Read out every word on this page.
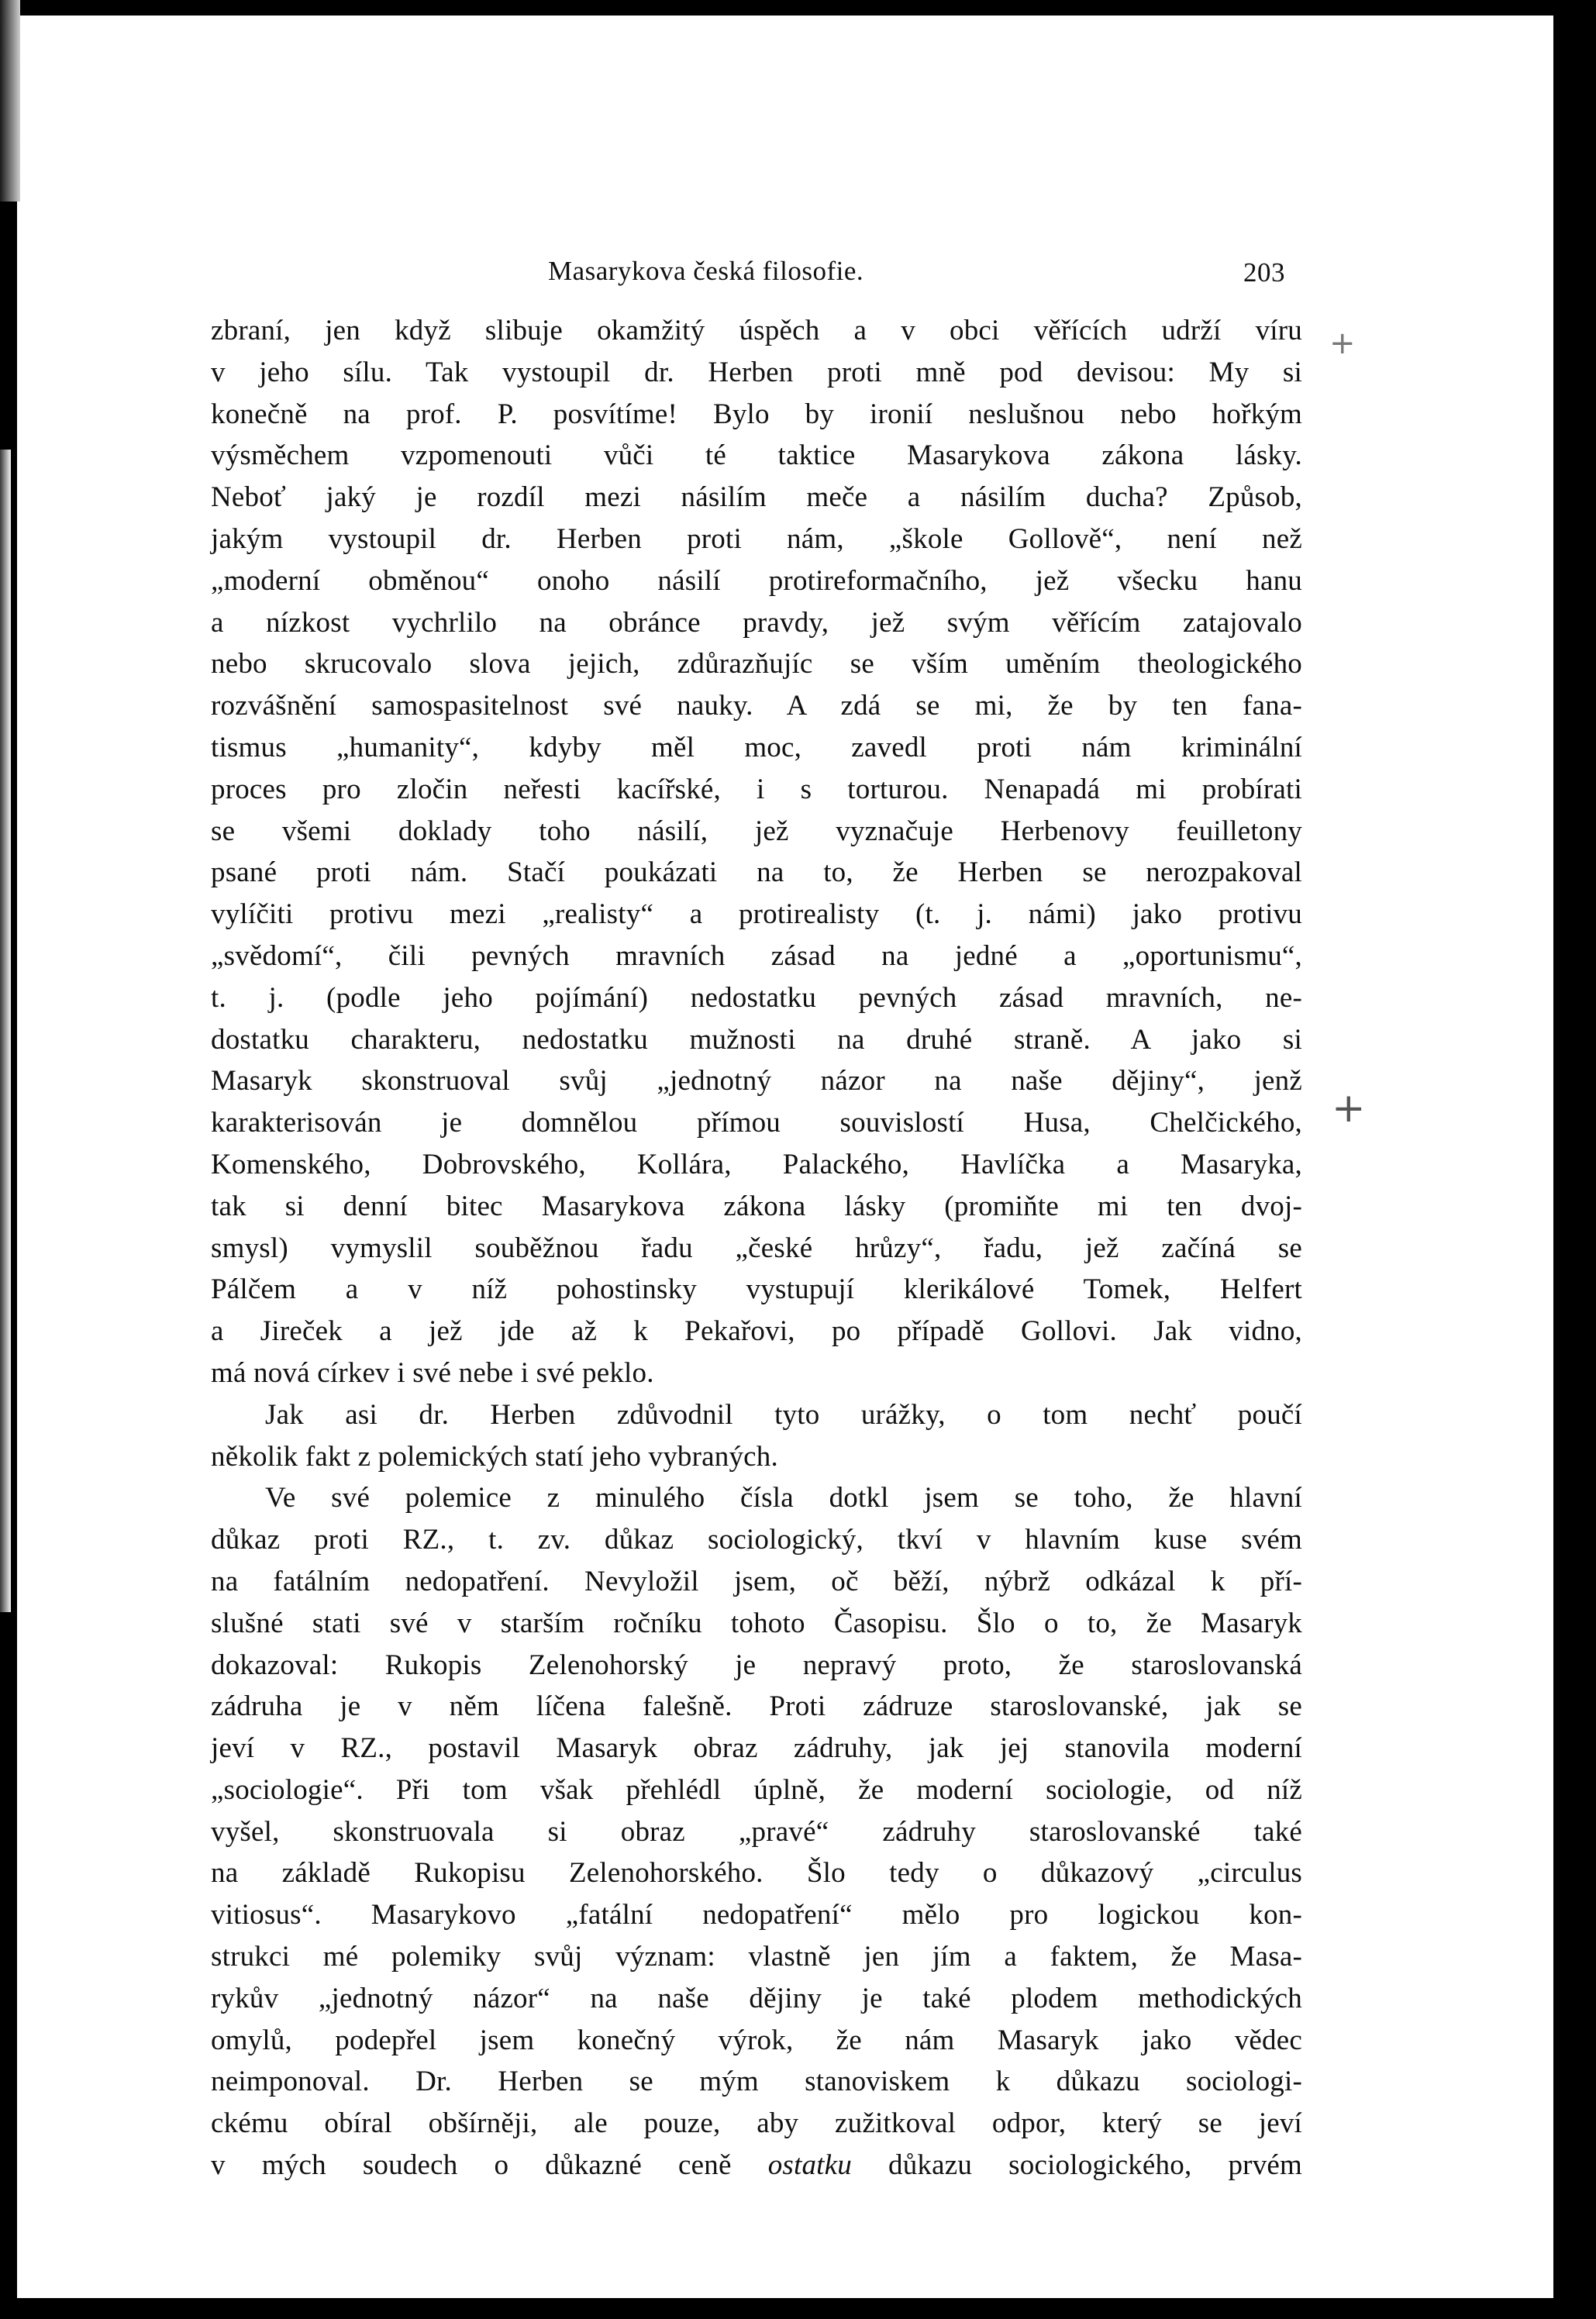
Masarykova česká filosofie.	203
zbraní, jen když slibuje okamžitý úspěch a v obci věřících udrží víru
v jeho sílu. Tak vystoupil dr. Herben proti mně pod devisou: My si
konečně na prof. P. posvítíme! Bylo by ironií neslušnou nebo hořkým
výsměchem vzpomenouti vůči té taktice Masarykova zákona lásky.
Neboť jaký je rozdíl mezi násilím meče a násilím ducha? Způsob,
jakým vystoupil dr. Herben proti nám, „škole Gollově“, není než
„moderní obměnou“ onoho násilí protireformačního, jež všecku hanu
a nízkost vychrlilo na obránce pravdy, jež svým věřícím zatajovalo
nebo skrucovalo slova jejich, zdůrazňujíc se vším uměním theologického
rozvášnění samospasitelnost své nauky. A zdá se mi, že by ten fana-
tismus „humanity“, kdyby měl moc, zavedl proti nám kriminální
proces pro zločin neřesti kacířské, i s torturou. Nenapadá mi probírati
se všemi doklady toho násilí, jež vyznačuje Herbenovy feuilletony
psané proti nám. Stačí poukázati na to, že Herben se nerozpakoval
vylíčiti protivu mezi „realisty“ a protirealisty (t. j. námi) jako protivu
„svědomí“, čili pevných mravních zásad na jedné a „oportunismu“,
t. j. (podle jeho pojímání) nedostatku pevných zásad mravních, ne-
dostatku charakteru, nedostatku mužnosti na druhé straně. A jako si
Masaryk skonstruoval svůj „jednotný názor na naše dějiny“, jenž
karakterisován je domnělou přímou souvislostí Husa, Chelčického,
Komenského, Dobrovského, Kollára, Palackého, Havlíčka a Masaryka,
tak si denní bitec Masarykova zákona lásky (promiňte mi ten dvoj-
smysl) vymyslil souběžnou řadu „české hrůzy“, řadu, jež začíná se
Pálčem a v níž pohostinsky vystupují klerikálové Tomek, Helfert
a Jireček a jež jde až k Pekařovi, po případě Gollovi. Jak vidno,
má nová církev i své nebe i své peklo.
Jak asi dr. Herben zdůvodnil tyto urážky, o tom nechť poučí
několik fakt z polemických statí jeho vybraných.
Ve své polemice z minulého čísla dotkl jsem se toho, že hlavní
důkaz proti RZ., t. zv. důkaz sociologický, tkví v hlavním kuse svém
na fatálním nedopatření. Nevyložil jsem, oč běží, nýbrž odkázal k pří-
slušné stati své v starším ročníku tohoto Časopisu. Šlo o to, že Masaryk
dokazoval: Rukopis Zelenohorský je nepravý proto, že staroslovanská
zádruha je v něm líčena falešně. Proti zádruze staroslovanské, jak se
jeví v RZ., postavil Masaryk obraz zádruhy, jak jej stanovila moderní
„sociologie“. Při tom však přehlédl úplně, že moderní sociologie, od níž
vyšel, skonstruovala si obraz „pravé“ zádruhy staroslovanské také
na základě Rukopisu Zelenohorského. Šlo tedy o důkazový „circulus
vitiosus“. Masarykovo „fatální nedopatření“ mělo pro logickou kon-
strukci mé polemiky svůj význam: vlastně jen jím a faktem, že Masa-
rykův „jednotný názor“ na naše dějiny je také plodem methodických
omylů, podepřel jsem konečný výrok, že nám Masaryk jako vědec
neimponoval. Dr. Herben se mým stanoviskem k důkazu sociologi-
ckému obíral obšírněji, ale pouze, aby zužitkoval odpor, který se jeví
v mých soudech o důkazné ceně ostatku důkazu sociologického, prvém
+
+
